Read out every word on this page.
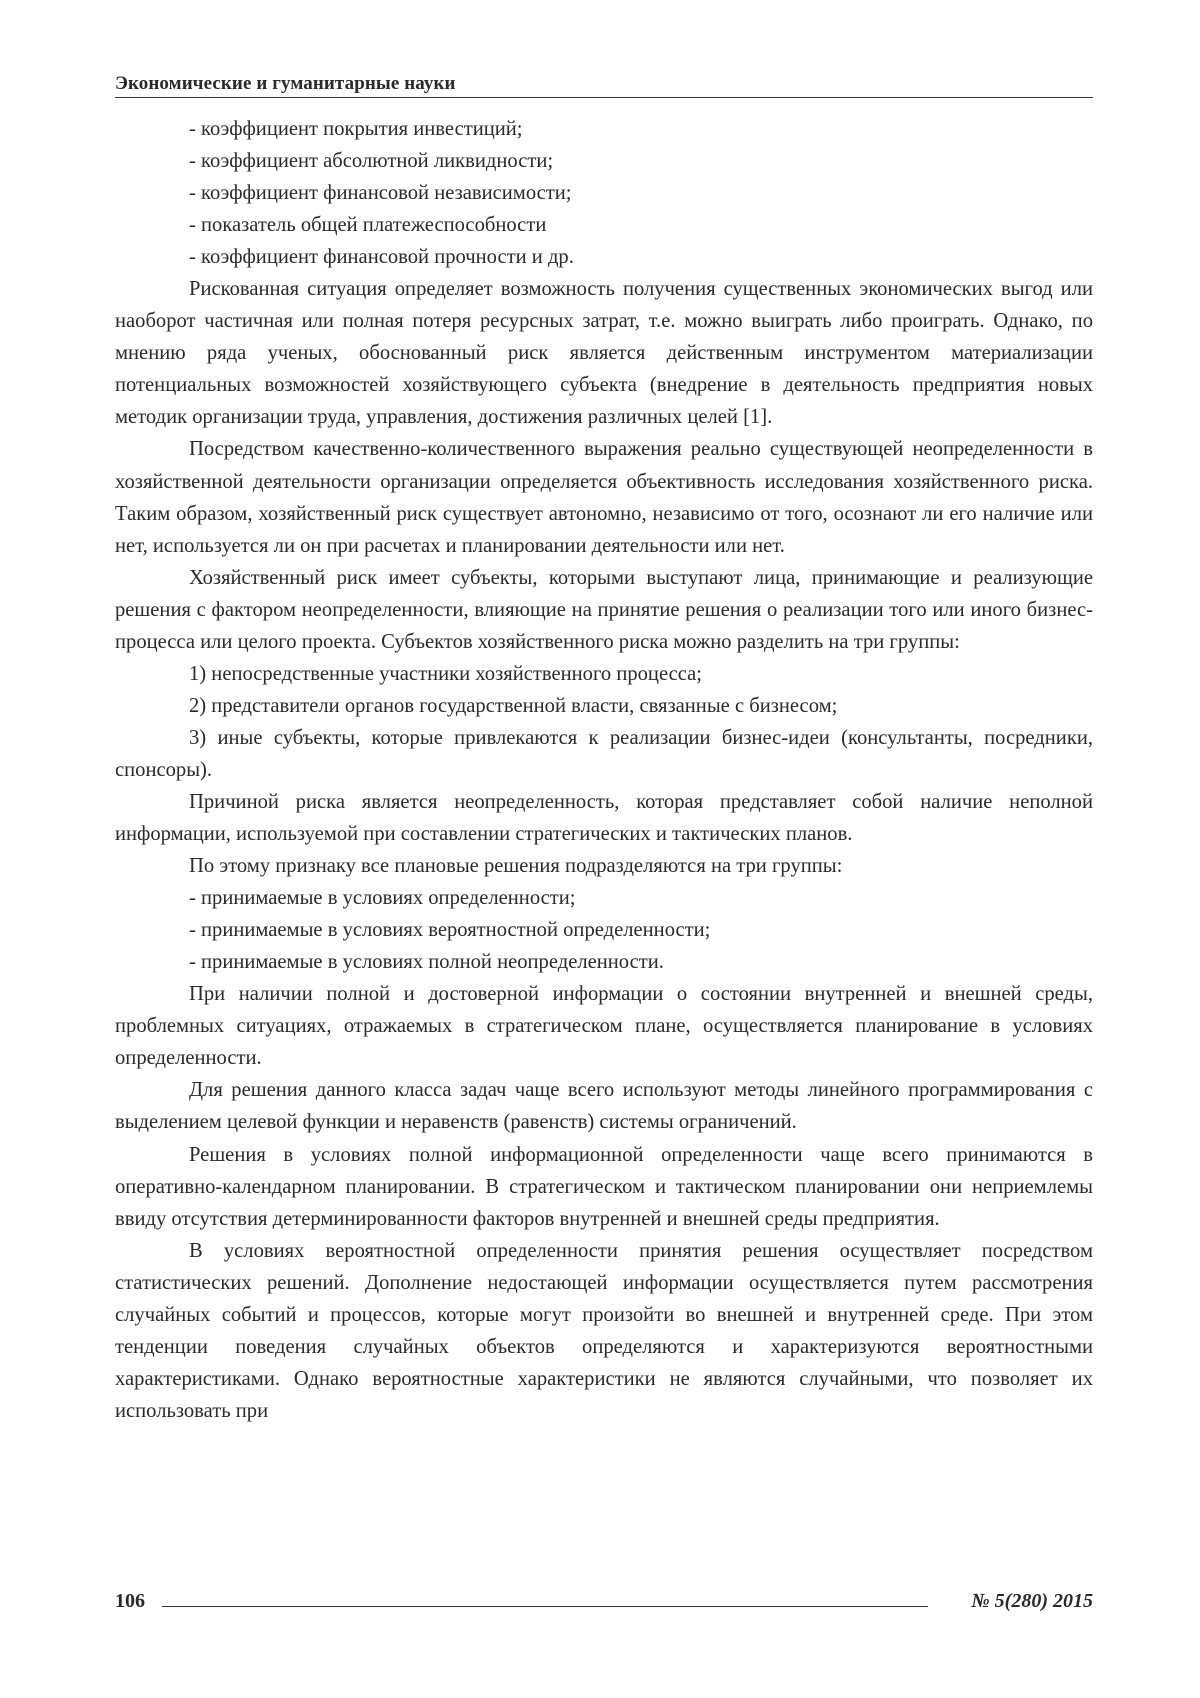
Экономические и гуманитарные науки

- коэффициент покрытия инвестиций;

- коэффициент абсолютной ликвидности;

- коэффициент финансовой независимости;

- показатель общей платежеспособности

- коэффициент финансовой прочности и др.

Рискованная ситуация определяет возможность получения существенных экономических выгод или наоборот частичная или полная потеря ресурсных затрат, т.е. можно выиграть либо проиграть. Однако, по мнению ряда ученых, обоснованный риск является действенным инструментом материализации потенциальных возможностей хозяйствующего субъекта (внедрение в деятельность предприятия новых методик организации труда, управления, достижения различных целей [1].

Посредством качественно-количественного выражения реально существующей неопределенности в хозяйственной деятельности организации определяется объективность исследования хозяйственного риска. Таким образом, хозяйственный риск существует автономно, независимо от того, осознают ли его наличие или нет, используется ли он при расчетах и планировании деятельности или нет.

Хозяйственный риск имеет субъекты, которыми выступают лица, принимающие и реализующие решения с фактором неопределенности, влияющие на принятие решения о реализации того или иного бизнес-процесса или целого проекта. Субъектов хозяйственного риска можно разделить на три группы:

1) непосредственные участники хозяйственного процесса;

2) представители органов государственной власти, связанные с бизнесом;

3) иные субъекты, которые привлекаются к реализации бизнес-идеи (консультанты, посредники, спонсоры).

Причиной риска является неопределенность, которая представляет собой наличие неполной информации, используемой при составлении стратегических и тактических планов.

По этому признаку все плановые решения подразделяются на три группы:

- принимаемые в условиях определенности;

- принимаемые в условиях вероятностной определенности;

- принимаемые в условиях полной неопределенности.

При наличии полной и достоверной информации о состоянии внутренней и внешней среды, проблемных ситуациях, отражаемых в стратегическом плане, осуществляется планирование в условиях определенности.

Для решения данного класса задач чаще всего используют методы линейного программирования с выделением целевой функции и неравенств (равенств) системы ограничений.

Решения в условиях полной информационной определенности чаще всего принимаются в оперативно-календарном планировании. В стратегическом и тактическом планировании они неприемлемы ввиду отсутствия детерминированности факторов внутренней и внешней среды предприятия.

В условиях вероятностной определенности принятия решения осуществляет посредством статистических решений. Дополнение недостающей информации осуществляется путем рассмотрения случайных событий и процессов, которые могут произойти во внешней и внутренней среде. При этом тенденции поведения случайных объектов определяются и характеризуются вероятностными характеристиками. Однако вероятностные характеристики не являются случайными, что позволяет их использовать при

106	№ 5(280) 2015
